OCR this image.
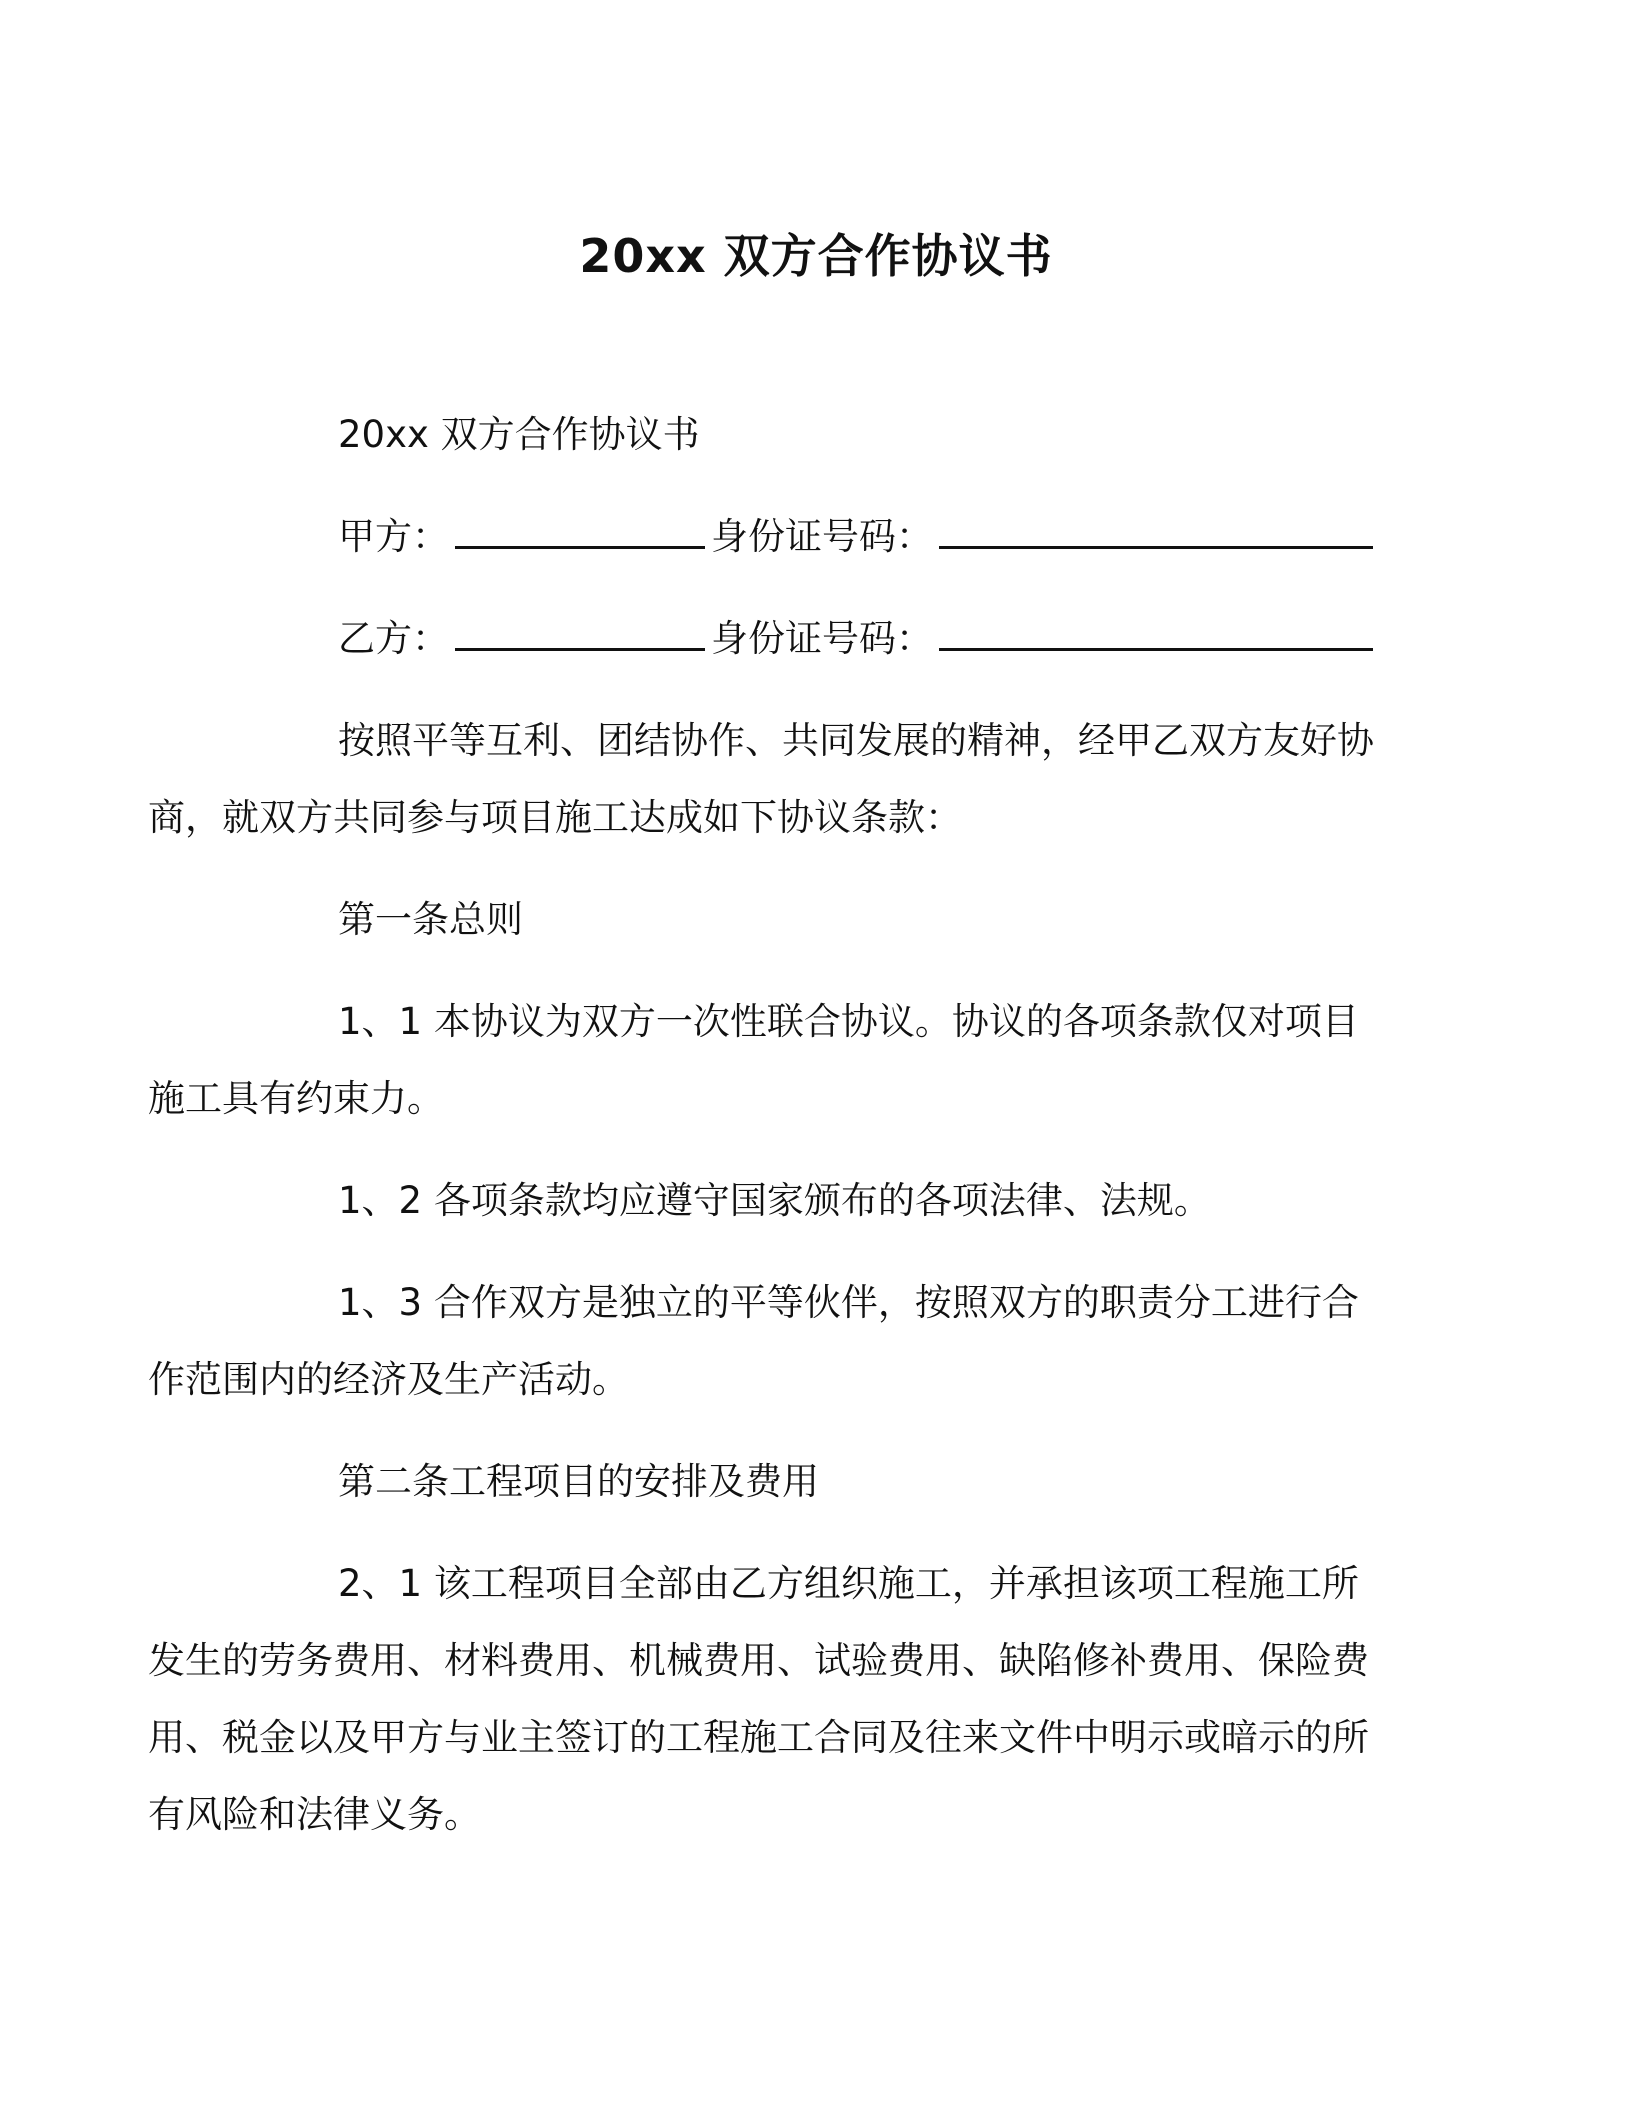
20xx 双方合作协议书

20xx 双方合作协议书

甲方：	身份证号码：

乙方：	身份证号码：

按照平等互利、团结协作、共同发展的精神，经甲乙双方友好协商，就双方共同参与项目施工达成如下协议条款：

第一条总则

1、1 本协议为双方一次性联合协议。协议的各项条款仅对项目施工具有约束力。

1、2 各项条款均应遵守国家颁布的各项法律、法规。

1、3 合作双方是独立的平等伙伴，按照双方的职责分工进行合作范围内的经济及生产活动。

第二条工程项目的安排及费用

2、1 该工程项目全部由乙方组织施工，并承担该项工程施工所发生的劳务费用、材料费用、机械费用、试验费用、缺陷修补费用、保险费用、税金以及甲方与业主签订的工程施工合同及往来文件中明示或暗示的所有风险和法律义务。
